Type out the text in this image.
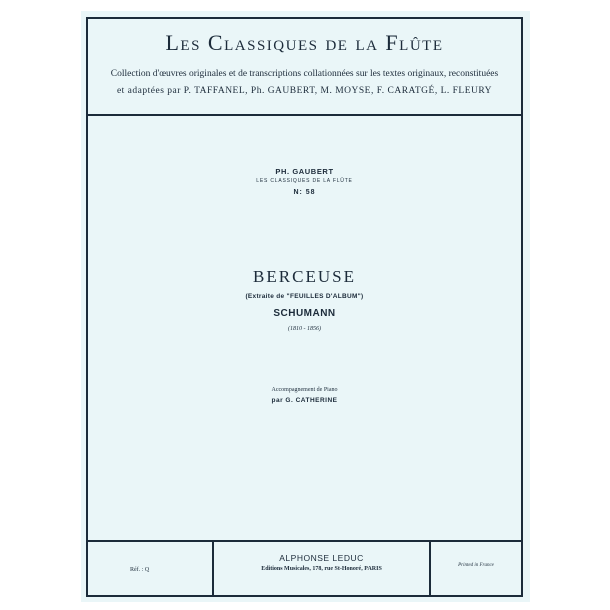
Les Classiques de la Flûte
Collection d'œuvres originales et de transcriptions collationnées sur les textes originaux, reconstituées
et adaptées par P. TAFFANEL, Ph. GAUBERT, M. MOYSE, F. CARATGÉ, L. FLEURY
PH. GAUBERT
LES CLASSIQUES DE LA FLÛTE
N: 58
BERCEUSE
(Extraite de "FEUILLES D'ALBUM")
SCHUMANN
(1810 - 1856)
Accompagnement de Piano
par G. CATHERINE
Réf. : Q
ALPHONSE LEDUC
Editions Musicales, 178, rue St-Honoré, PARIS
Printed in France
